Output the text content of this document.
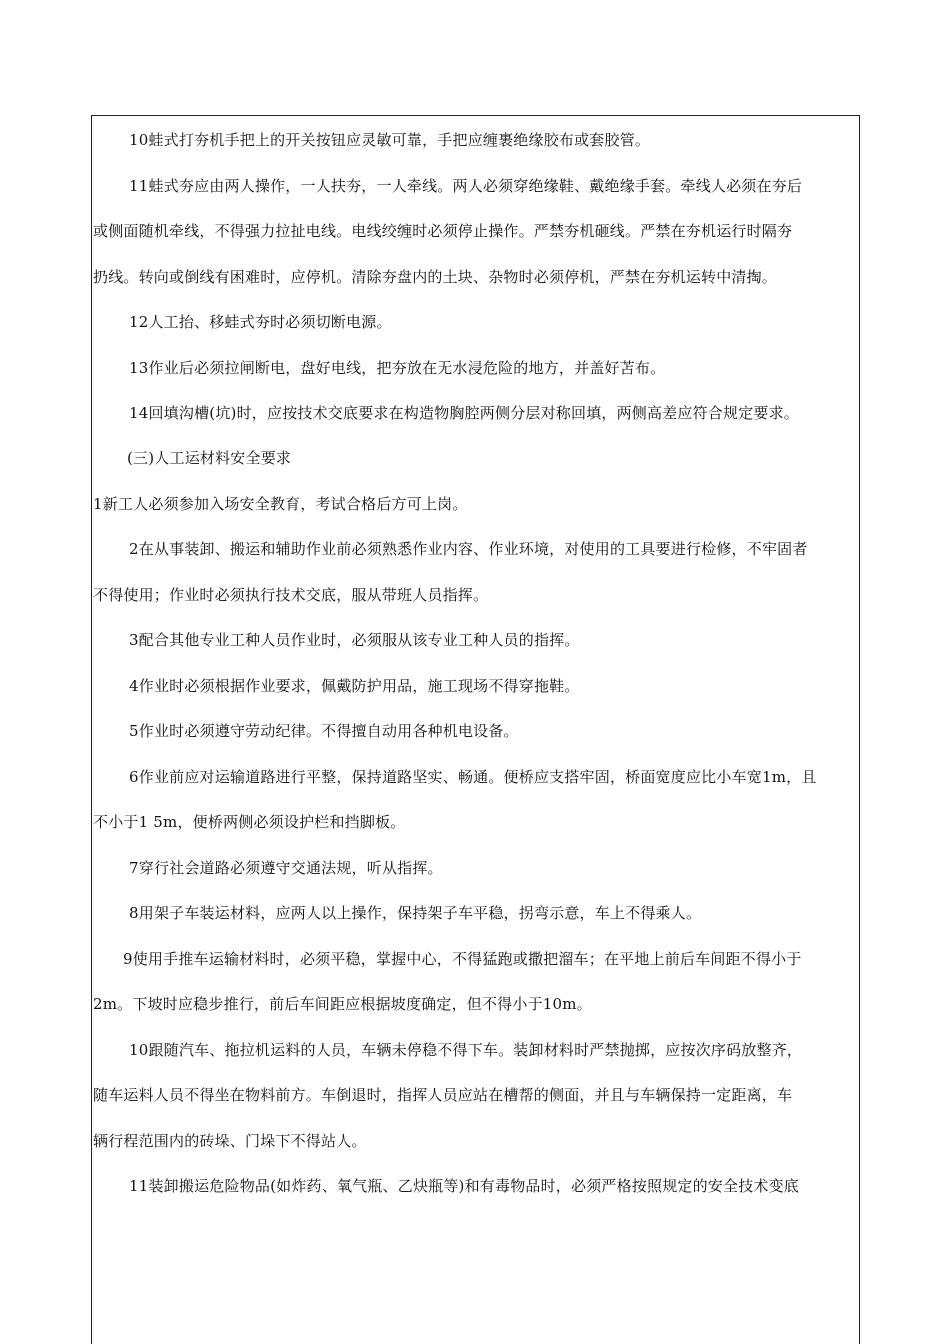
10蛙式打夯机手把上的开关按钮应灵敏可靠，手把应缠裹绝缘胶布或套胶管。
11蛙式夯应由两人操作，一人扶夯，一人牵线。两人必须穿绝缘鞋、戴绝缘手套。牵线人必须在夯后
或侧面随机牵线，不得强力拉扯电线。电线绞缠时必须停止操作。严禁夯机砸线。严禁在夯机运行时隔夯
扔线。转向或倒线有困难时，应停机。清除夯盘内的土块、杂物时必须停机，严禁在夯机运转中清掏。
12人工抬、移蛙式夯时必须切断电源。
13作业后必须拉闸断电，盘好电线，把夯放在无水浸危险的地方，并盖好苫布。
14回填沟槽(坑)时，应按技术交底要求在构造物胸腔两侧分层对称回填，两侧高差应符合规定要求。
(三)人工运材料安全要求
1新工人必须参加入场安全教育，考试合格后方可上岗。
2在从事装卸、搬运和辅助作业前必须熟悉作业内容、作业环境，对使用的工具要进行检修，不牢固者
不得使用；作业时必须执行技术交底，服从带班人员指挥。
3配合其他专业工种人员作业时，必须服从该专业工种人员的指挥。
4作业时必须根据作业要求，佩戴防护用品，施工现场不得穿拖鞋。
5作业时必须遵守劳动纪律。不得擅自动用各种机电设备。
6作业前应对运输道路进行平整，保持道路坚实、畅通。便桥应支搭牢固，桥面宽度应比小车宽1m，且
不小于1 5m，便桥两侧必须设护栏和挡脚板。
7穿行社会道路必须遵守交通法规，听从指挥。
8用架子车装运材料，应两人以上操作，保持架子车平稳，拐弯示意，车上不得乘人。
9使用手推车运输材料时，必须平稳，掌握中心，不得猛跑或撒把溜车；在平地上前后车间距不得小于
2m。下坡时应稳步推行，前后车间距应根据坡度确定，但不得小于10m。
10跟随汽车、拖拉机运料的人员，车辆未停稳不得下车。装卸材料时严禁抛掷，应按次序码放整齐，
随车运料人员不得坐在物料前方。车倒退时，指挥人员应站在槽帮的侧面，并且与车辆保持一定距离，车
辆行程范围内的砖垛、门垛下不得站人。
11装卸搬运危险物品(如炸药、氧气瓶、乙炔瓶等)和有毒物品时，必须严格按照规定的安全技术变底
